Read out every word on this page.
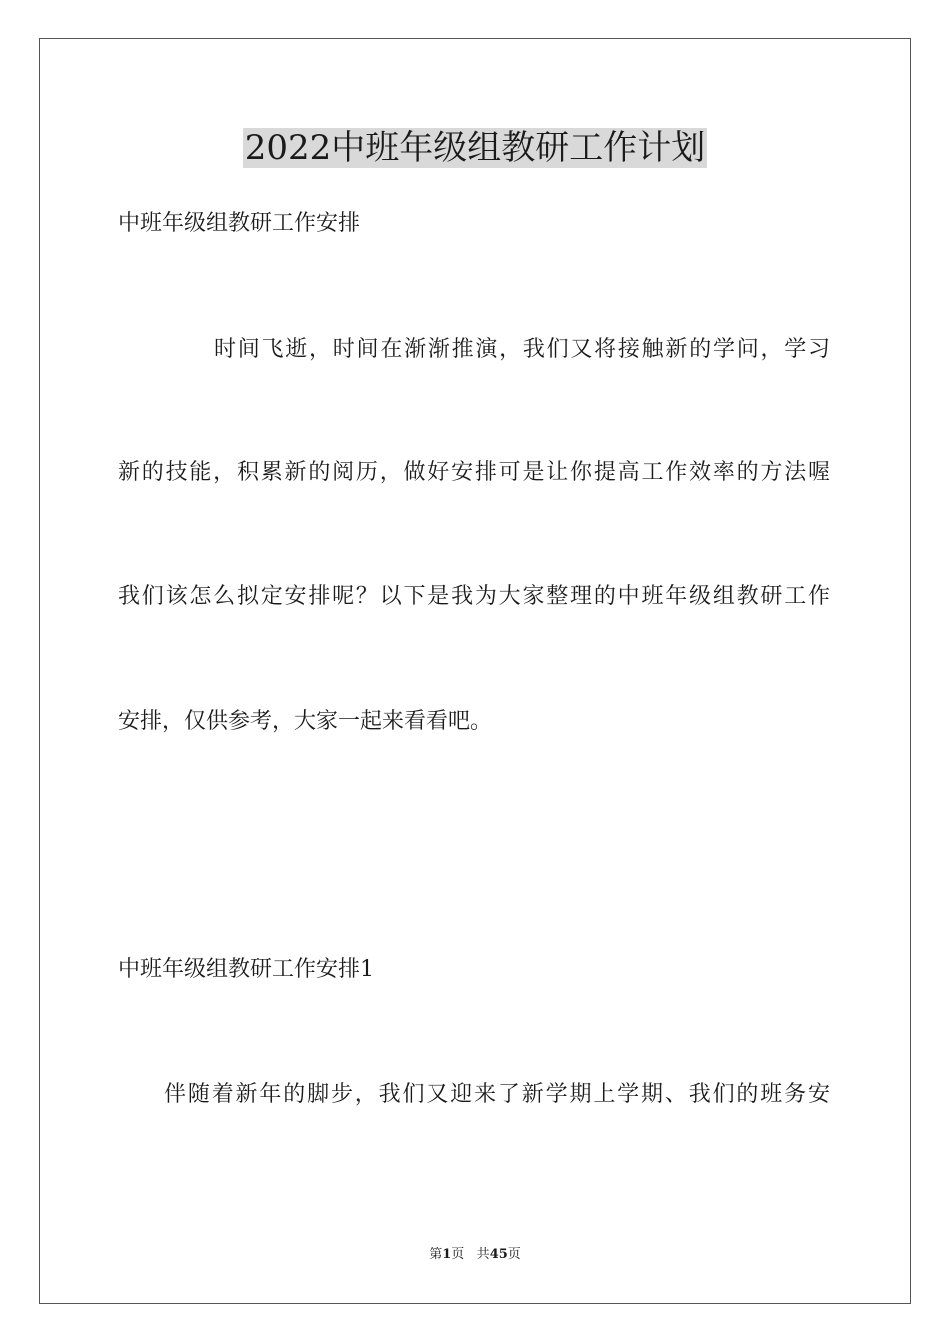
2022中班年级组教研工作计划

中班年级组教研工作安排

时间飞逝，时间在渐渐推演，我们又将接触新的学问，学习

新的技能，积累新的阅历，做好安排可是让你提高工作效率的方法喔

我们该怎么拟定安排呢？以下是我为大家整理的中班年级组教研工作

安排，仅供参考，大家一起来看看吧。

中班年级组教研工作安排1

伴随着新年的脚步，我们又迎来了新学期上学期、我们的班务安

第1页 共45页
